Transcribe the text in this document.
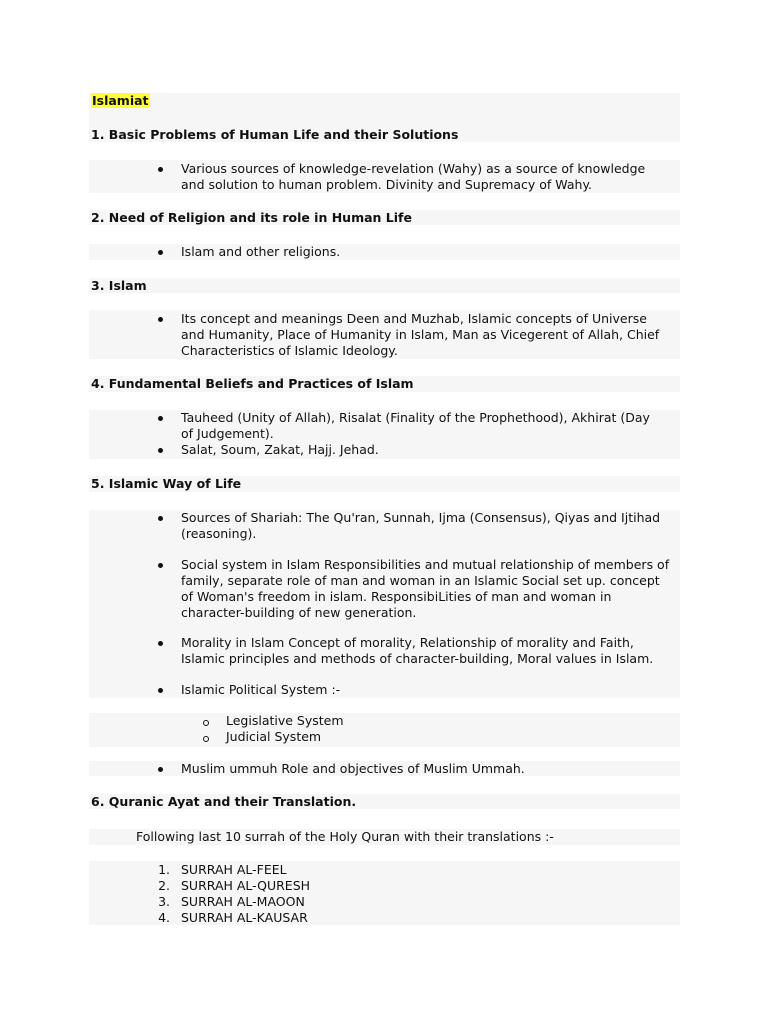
Islamiat
1. Basic Problems of Human Life and their Solutions
Various sources of knowledge-revelation (Wahy) as a source of knowledge
and solution to human problem. Divinity and Supremacy of Wahy.
2. Need of Religion and its role in Human Life
Islam and other religions.
3. Islam
Its concept and meanings Deen and Muzhab, Islamic concepts of Universe
and Humanity, Place of Humanity in Islam, Man as Vicegerent of Allah, Chief
Characteristics of Islamic Ideology.
4. Fundamental Beliefs and Practices of Islam
Tauheed (Unity of Allah), Risalat (Finality of the Prophethood), Akhirat (Day
of Judgement).
Salat, Soum, Zakat, Hajj. Jehad.
5. Islamic Way of Life
Sources of Shariah: The Qu'ran, Sunnah, Ijma (Consensus), Qiyas and Ijtihad
(reasoning).
Social system in Islam Responsibilities and mutual relationship of members of
family, separate role of man and woman in an Islamic Social set up. concept
of Woman's freedom in islam. ResponsibiLities of man and woman in
character-building of new generation.
Morality in Islam Concept of morality, Relationship of morality and Faith,
Islamic principles and methods of character-building, Moral values in Islam.
Islamic Political System :-
Legislative System
Judicial System
Muslim ummuh Role and objectives of Muslim Ummah.
6. Quranic Ayat and their Translation.
Following last 10 surrah of the Holy Quran with their translations :-
1. SURRAH AL-FEEL
2. SURRAH AL-QURESH
3. SURRAH AL-MAOON
4. SURRAH AL-KAUSAR
